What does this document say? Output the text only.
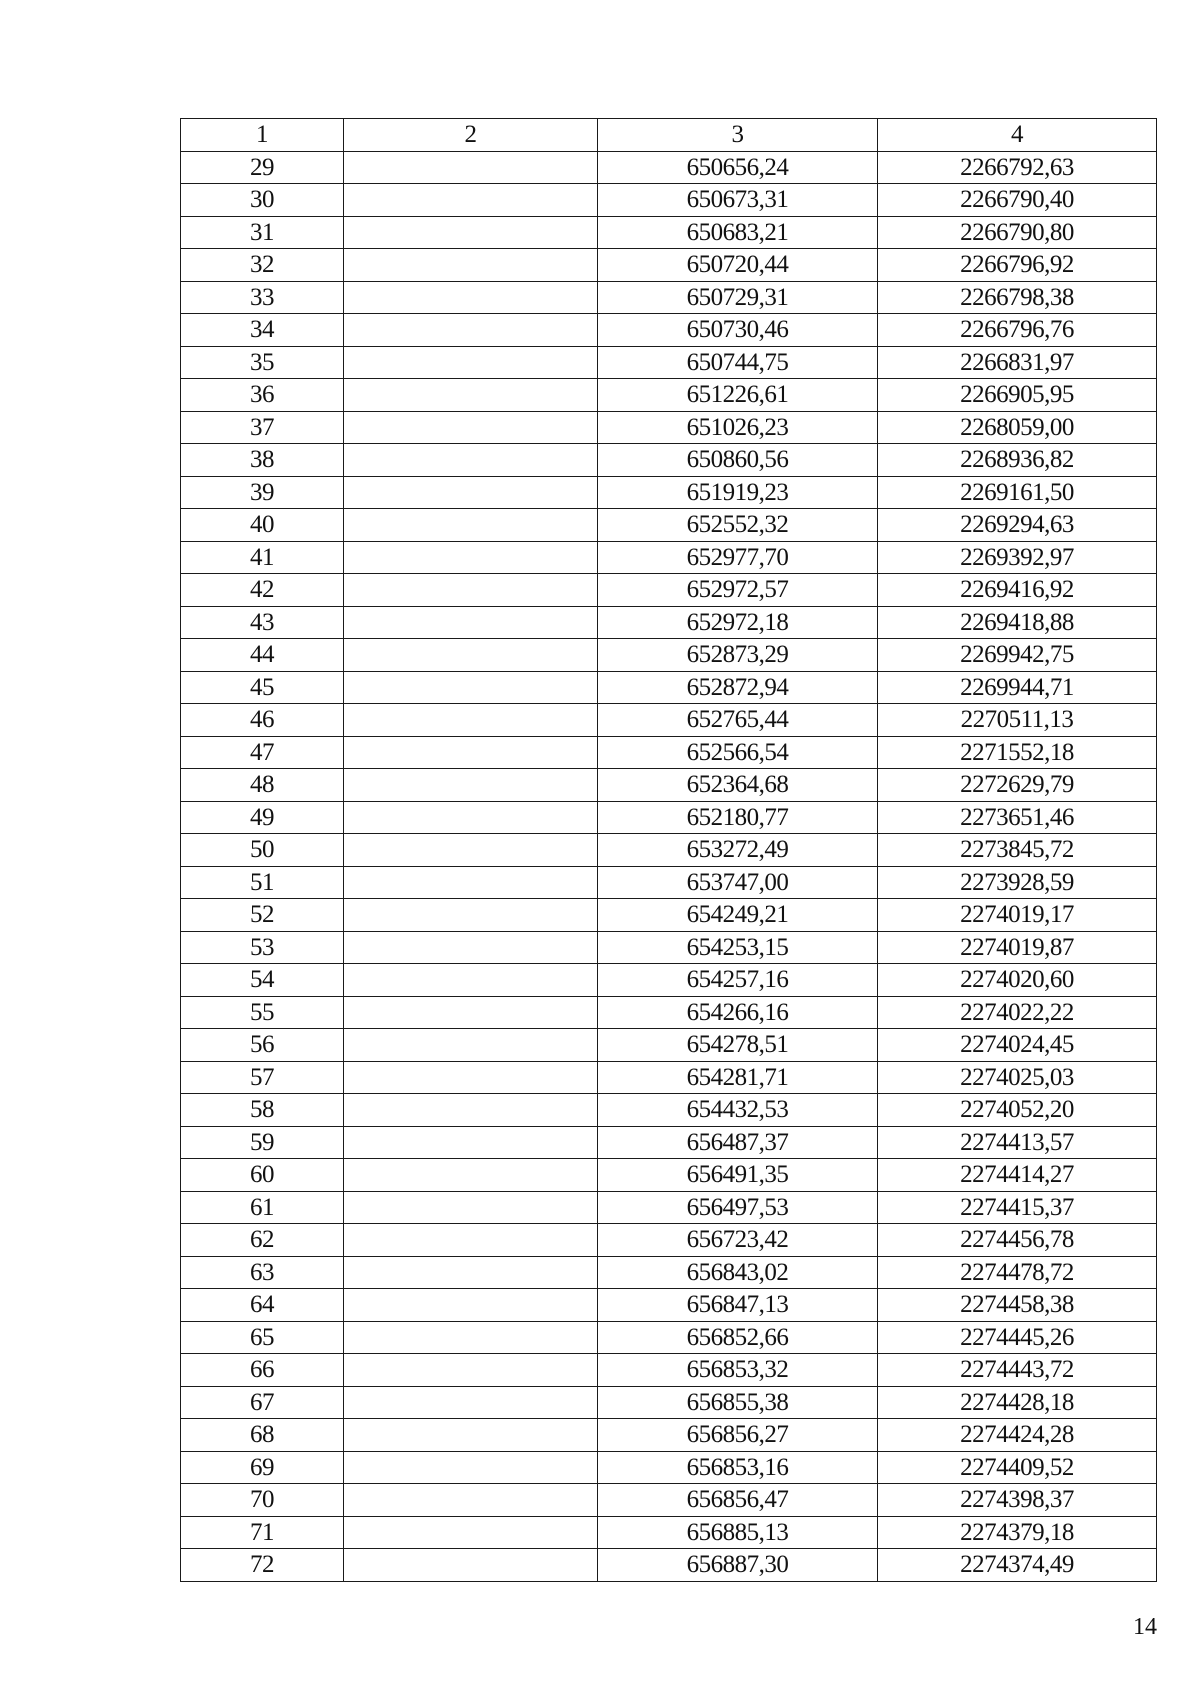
1	2	3	4
29		650656,24	2266792,63
30		650673,31	2266790,40
31		650683,21	2266790,80
32		650720,44	2266796,92
33		650729,31	2266798,38
34		650730,46	2266796,76
35		650744,75	2266831,97
36		651226,61	2266905,95
37		651026,23	2268059,00
38		650860,56	2268936,82
39		651919,23	2269161,50
40		652552,32	2269294,63
41		652977,70	2269392,97
42		652972,57	2269416,92
43		652972,18	2269418,88
44		652873,29	2269942,75
45		652872,94	2269944,71
46		652765,44	2270511,13
47		652566,54	2271552,18
48		652364,68	2272629,79
49		652180,77	2273651,46
50		653272,49	2273845,72
51		653747,00	2273928,59
52		654249,21	2274019,17
53		654253,15	2274019,87
54		654257,16	2274020,60
55		654266,16	2274022,22
56		654278,51	2274024,45
57		654281,71	2274025,03
58		654432,53	2274052,20
59		656487,37	2274413,57
60		656491,35	2274414,27
61		656497,53	2274415,37
62		656723,42	2274456,78
63		656843,02	2274478,72
64		656847,13	2274458,38
65		656852,66	2274445,26
66		656853,32	2274443,72
67		656855,38	2274428,18
68		656856,27	2274424,28
69		656853,16	2274409,52
70		656856,47	2274398,37
71		656885,13	2274379,18
72		656887,30	2274374,49
14
